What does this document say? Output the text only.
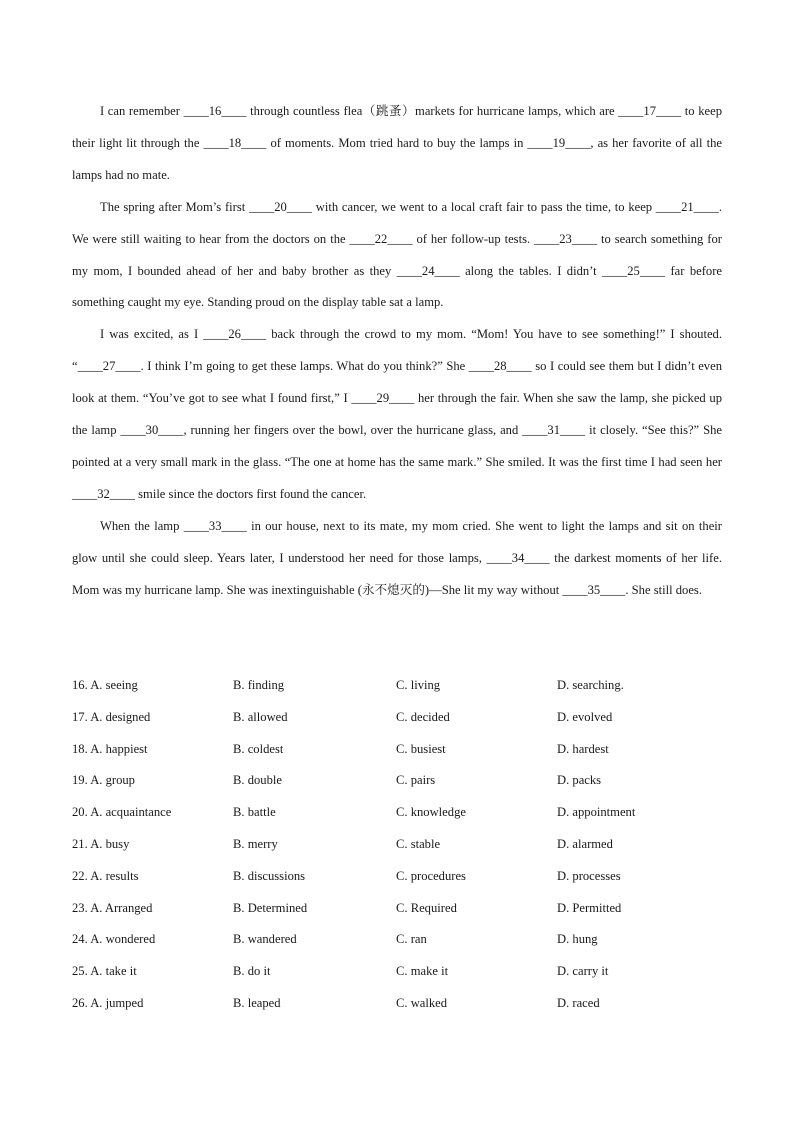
I can remember ____16____ through countless flea（跳蚤）markets for hurricane lamps, which are ____17____ to keep their light lit through the ____18____ of moments. Mom tried hard to buy the lamps in ____19____, as her favorite of all the lamps had no mate.

The spring after Mom’s first ____20____ with cancer, we went to a local craft fair to pass the time, to keep ____21____. We were still waiting to hear from the doctors on the ____22____ of her follow-up tests. ____23____ to search something for my mom, I bounded ahead of her and baby brother as they ____24____ along the tables. I didn’t ____25____ far before something caught my eye. Standing proud on the display table sat a lamp.

I was excited, as I ____26____ back through the crowd to my mom. “Mom! You have to see something!” I shouted. “____27____. I think I’m going to get these lamps. What do you think?” She ____28____ so I could see them but I didn’t even look at them. “You’ve got to see what I found first,” I ____29____ her through the fair. When she saw the lamp, she picked up the lamp ____30____, running her fingers over the bowl, over the hurricane glass, and ____31____ it closely. “See this?” She pointed at a very small mark in the glass. “The one at home has the same mark.” She smiled. It was the first time I had seen her ____32____ smile since the doctors first found the cancer.

When the lamp ____33____ in our house, next to its mate, my mom cried. She went to light the lamps and sit on their glow until she could sleep. Years later, I understood her need for those lamps, ____34____ the darkest moments of her life. Mom was my hurricane lamp. She was inextinguishable (永不熄灭的)—She lit my way without ____35____. She still does.

16. A. seeing	B. finding	C. living	D. searching.
17. A. designed	B. allowed	C. decided	D. evolved
18. A. happiest	B. coldest	C. busiest	D. hardest
19. A. group	B. double	C. pairs	D. packs
20. A. acquaintance	B. battle	C. knowledge	D. appointment
21. A. busy	B. merry	C. stable	D. alarmed
22. A. results	B. discussions	C. procedures	D. processes
23. A. Arranged	B. Determined	C. Required	D. Permitted
24. A. wondered	B. wandered	C. ran	D. hung
25. A. take it	B. do it	C. make it	D. carry it
26. A. jumped	B. leaped	C. walked	D. raced
